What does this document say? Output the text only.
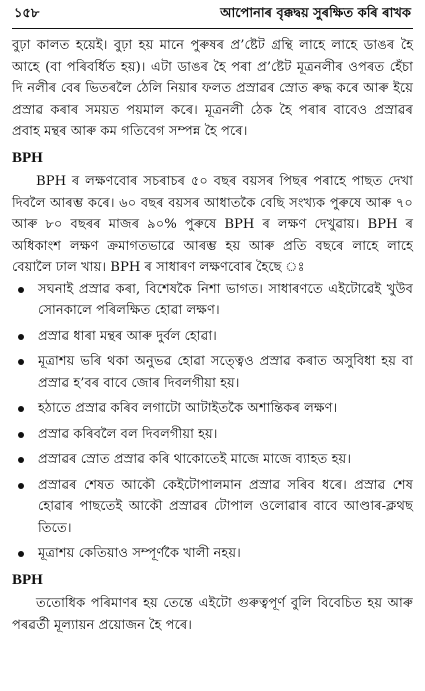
১৫৮	আপোনাৰ বৃক্কদ্বয় সুৰক্ষিত কৰি ৰাখক

বুঢ়া কালত হয়েই। বুঢ়া হয় মানে পুৰুষৰ প্ৰ’ষ্টেট গ্ৰন্থি লাহে লাহে ডাঙৰ হৈ আহে (বা পৰিবৰ্ধিত হয়)। এটা ডাঙৰ হৈ পৰা প্ৰ’ষ্টেট মূত্ৰনলীৰ ওপৰত হেঁচা দি নলীৰ বেৰ ভিতৰলৈ ঠেলি নিয়াৰ ফলত প্ৰস্ৰাৱৰ স্ৰোত ৰুদ্ধ কৰে আৰু ইয়ে প্ৰস্ৰাৱ কৰাৰ সময়ত পয়মাল কৰে। মূত্ৰনলী ঠেক হৈ পৰাৰ বাবেও প্ৰস্ৰাৱৰ প্ৰবাহ মন্থৰ আৰু কম গতিবেগ সম্পন্ন হৈ পৰে।

BPH

BPH ৰ লক্ষণবোৰ সচৰাচৰ ৫০ বছৰ বয়সৰ পিছৰ পৰাহে পাছত দেখা দিবলৈ আৰম্ভ কৰে। ৬০ বছৰ বয়সৰ আধাতকৈ বেছি সংখ্যক পুৰুষে আৰু ৭০ আৰু ৮০ বছৰৰ মাজৰ ৯০% পুৰুষে BPH ৰ লক্ষণ দেখুৱায়। BPH ৰ অধিকাংশ লক্ষণ ক্ৰমাগতভাৱে আৰম্ভ হয় আৰু প্ৰতি বছৰে লাহে লাহে বেয়ালৈ ঢাল খায়। BPH ৰ সাধাৰণ লক্ষণবোৰ হৈছে ঃ

সঘনাই প্ৰস্ৰাৱ কৰা, বিশেষকৈ নিশা ভাগত। সাধাৰণতে এইটোৱেই খুউব সোনকালে পৰিলক্ষিত হোৱা লক্ষণ।
প্ৰস্ৰাৱ ধাৰা মন্থৰ আৰু দুৰ্বল হোৱা।
মূত্ৰাশয় ভৰি থকা অনুভৱ হোৱা সত্ত্বেও প্ৰস্ৰাৱ কৰাত অসুবিধা হয় বা প্ৰস্ৰাৱ হ’বৰ বাবে জোৰ দিবলগীয়া হয়।
হঠাতে প্ৰস্ৰাৱ কৰিব লগাটো আটাইতকৈ অশান্তিকৰ লক্ষণ।
প্ৰস্ৰাৱ কৰিবলৈ বল দিবলগীয়া হয়।
প্ৰস্ৰাৱৰ স্ৰোত প্ৰস্ৰাৱ কৰি থাকোতেই মাজে মাজে ব্যাহত হয়।
প্ৰস্ৰাৱৰ শেষত আকৌ কেইটোপালমান প্ৰস্ৰাৱ সৰিব ধৰে। প্ৰস্ৰাৱ শেষ হোৱাৰ পাছতেই আকৌ প্ৰস্ৰাৱৰ টোপাল ওলোৱাৰ বাবে আণ্ডাৰ-ক্লথছ তিতে।
মূত্ৰাশয় কেতিয়াও সম্পূৰ্ণকৈ খালী নহয়।
BPH

ততোধিক পৰিমাণৰ হয় তেন্তে এইটো গুৰুত্বপূৰ্ণ বুলি বিবেচিত হয় আৰু পৰৱৰ্তী মূল্যায়ন প্ৰয়োজন হৈ পৰে।
